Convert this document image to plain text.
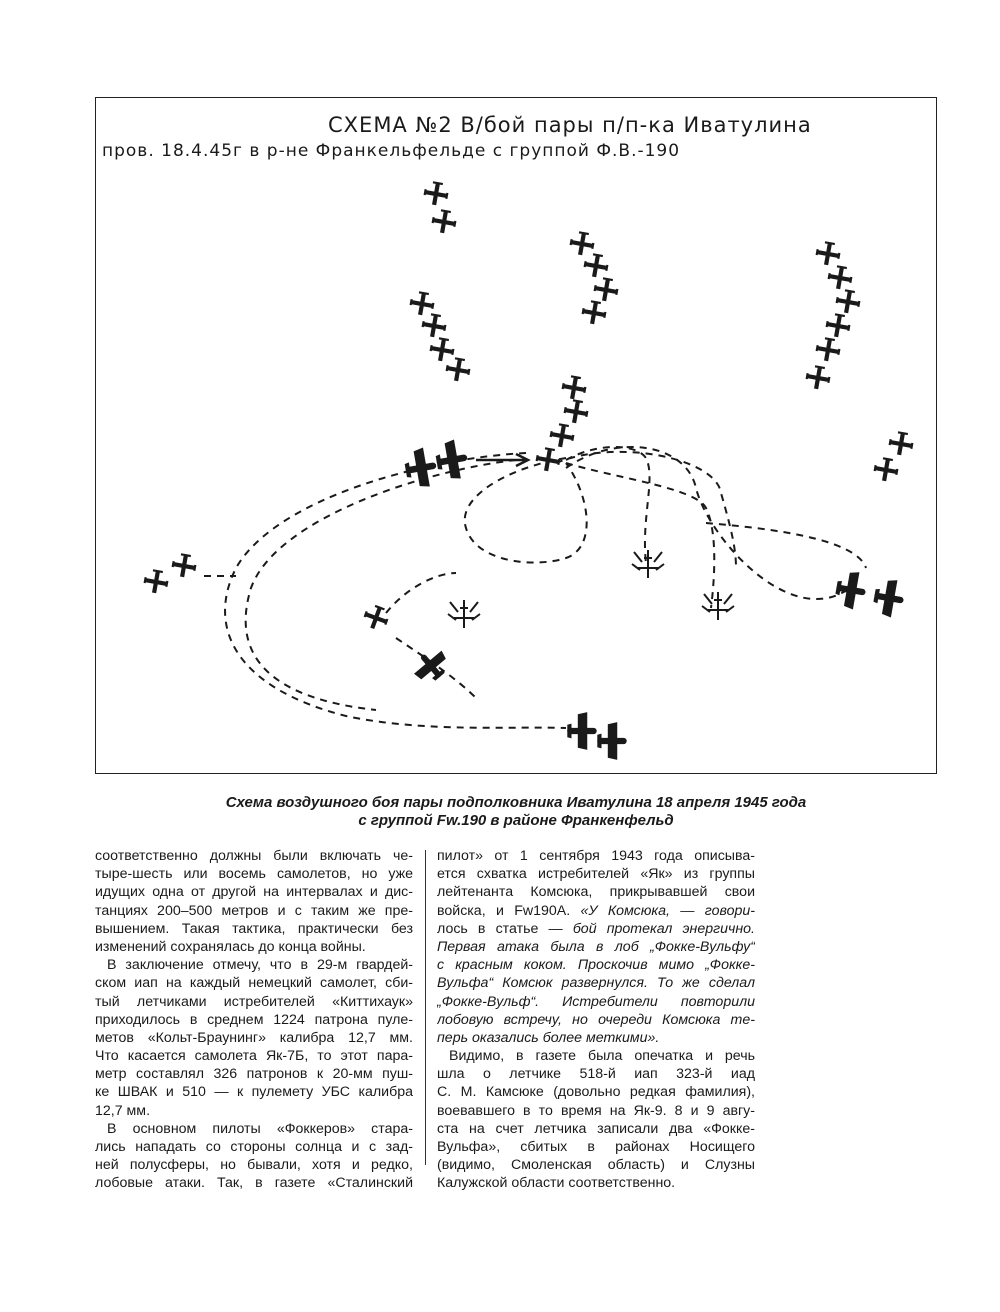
СХЕМА №2 В/бой пары п/п-ка Иватулина
пров. 18.4.45г в р-не Франкельфельде с группой Ф.В.-190
Схема воздушного боя пары подполковника Иватулина 18 апреля 1945 года
с группой Fw.190 в районе Франкенфельд
соответственно должны были включать че-
тыре-шесть или восемь самолетов, но уже
идущих одна от другой на интервалах и дис-
танциях 200–500 метров и с таким же пре-
вышением. Такая тактика, практически без
изменений сохранялась до конца войны.
В заключение отмечу, что в 29-м гвардей-
ском иап на каждый немецкий самолет, сби-
тый летчиками истребителей «Киттихаук»
приходилось в среднем 1224 патрона пуле-
метов «Кольт-Браунинг» калибра 12,7 мм.
Что касается самолета Як-7Б, то этот пара-
метр составлял 326 патронов к 20-мм пуш-
ке ШВАК и 510 — к пулемету УБС калибра
12,7 мм.
В основном пилоты «Фоккеров» стара-
лись нападать со стороны солнца и с зад-
ней полусферы, но бывали, хотя и редко,
лобовые атаки. Так, в газете «Сталинский
пилот» от 1 сентября 1943 года описыва-
ется схватка истребителей «Як» из группы
лейтенанта Комсюка, прикрывавшей свои
войска, и Fw190A. «У Комсюка, — говори-
лось в статье — бой протекал энергично.
Первая атака была в лоб „Фокке-Вульфу“
с красным коком. Проскочив мимо „Фокке-
Вульфа“ Комсюк развернулся. То же сделал
„Фокке-Вульф“. Истребители повторили
лобовую встречу, но очереди Комсюка те-
перь оказались более меткими».
Видимо, в газете была опечатка и речь
шла о летчике 518-й иап 323-й иад
С. М. Камсюке (довольно редкая фамилия),
воевавшего в то время на Як-9. 8 и 9 авгу-
ста на счет летчика записали два «Фокке-
Вульфа», сбитых в районах Носищего
(видимо, Смоленская область) и Слузны
Калужской области соответственно.
